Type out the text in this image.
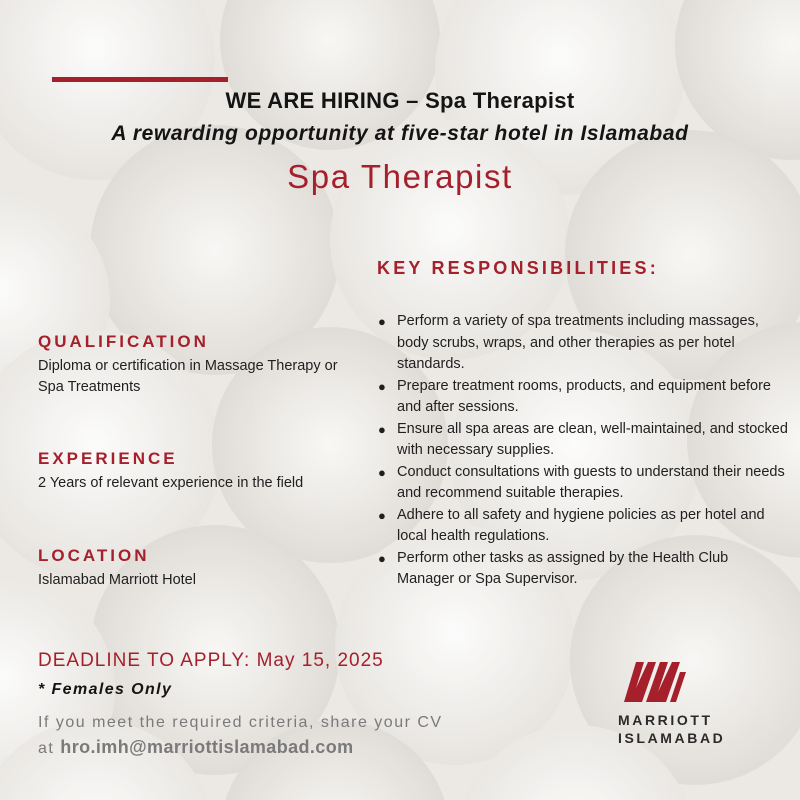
WE ARE HIRING – Spa Therapist
A rewarding opportunity at five-star hotel in Islamabad
Spa Therapist
KEY RESPONSIBILITIES:
QUALIFICATION
Diploma or certification in Massage Therapy or Spa Treatments
EXPERIENCE
2 Years of relevant experience in the field
LOCATION
Islamabad Marriott Hotel
● Perform a variety of spa treatments including massages, body scrubs, wraps, and other therapies as per hotel standards.
● Prepare treatment rooms, products, and equipment before and after sessions.
● Ensure all spa areas are clean, well-maintained, and stocked with necessary supplies.
● Conduct consultations with guests to understand their needs and recommend suitable therapies.
● Adhere to all safety and hygiene policies as per hotel and local health regulations.
● Perform other tasks as assigned by the Health Club Manager or Spa Supervisor.
DEADLINE TO APPLY: May 15, 2025
* Females Only
If you meet the required criteria, share your CV
at hro.imh@marriottislamabad.com
MARRIOTT
ISLAMABAD
